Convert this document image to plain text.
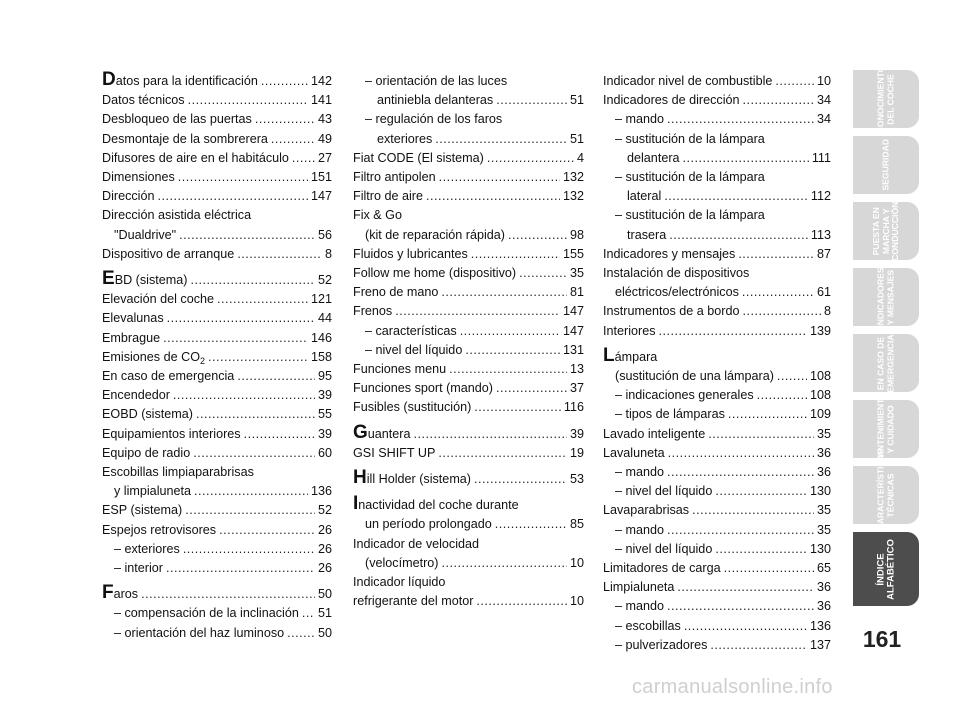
Datos para la identificación .....	142
Datos técnicos .....	141
Desbloqueo de las puertas .....	43
Desmontaje de la sombrerera .....	49
Difusores de aire en el habitáculo ..... 27
Dimensiones .....	151
Dirección .....	147
Dirección asistida eléctrica
"Dualdrive" .....	56
Dispositivo de arranque .....	8
EBD (sistema) .....	52
Elevación del coche .....	121
Elevalunas .....	44
Embrague .....	146
Emisiones de $CO_2$ .....	158
En caso de emergencia .....	95
Encendedor .....	39
EOBD (sistema) .....	55
Equipamientos interiores .....	39
Equipo de radio .....	60
Escobillas limpiaparabrisas
y limpialuneta .....	136
ESP (sistema) .....	52
Espejos retrovisores .....	26
– exteriores .....	26
– interior .....	26
Faros .....	50
– compensación de la inclinación ..... 51
– orientación del haz luminoso .....	50
– orientación de las luces
antiniebla delanteras .....	51
– regulación de los faros
exteriores .....	51
Fiat CODE (El sistema) .....	4
Filtro antipolen .....	132
Filtro de aire .....	132
Fix & Go
(kit de reparación rápida) .....	98
Fluidos y lubricantes .....	155
Follow me home (dispositivo) .....	35
Freno de mano .....	81
Frenos .....	147
– características .....	147
– nivel del líquido .....	131
Funciones menu .....	13
Funciones sport (mando) .....	37
Fusibles (sustitución) .....	116
Guantera .....	39
GSI SHIFT UP .....	19
Hill Holder (sistema) .....	53
Inactividad del coche durante
un período prolongado .....	85
Indicador de velocidad
(velocímetro) .....	10
Indicador líquido
refrigerante del motor .....	10
Indicador nivel de combustible .....	10
Indicadores de dirección .....	34
– mando .....	34
– sustitución de la lámpara
delantera .....	111
– sustitución de la lámpara
lateral .....	112
– sustitución de la lámpara
trasera .....	113
Indicadores y mensajes .....	87
Instalación de dispositivos
eléctricos/electrónicos .....	61
Instrumentos de a bordo .....	8
Interiores .....	139
Lámpara
(sustitución de una lámpara) .....	108
– indicaciones generales .....	108
– tipos de lámparas .....	109
Lavado inteligente .....	35
Lavaluneta .....	36
– mando .....	36
– nivel del líquido .....	130
Lavaparabrisas .....	35
– mando .....	35
– nivel del líquido .....	130
Limitadores de carga .....	65
Limpialuneta .....	36
– mando .....	36
– escobillas .....	136
– pulverizadores .....	137
CONOCIMIENTO
DEL COCHE
SEGURIDAD
PUESTA EN
MARCHA Y
CONDUCCIÓN
INDICADORES
Y MENSAJES
EN CASO DE
EMERGENCIA
MANTENIMIENTO
Y CUIDADO
CARACTERÍSTICAS
TÉCNICAS
ÍNDICE
ALFABÉTICO
161
carmanualsonline.info
